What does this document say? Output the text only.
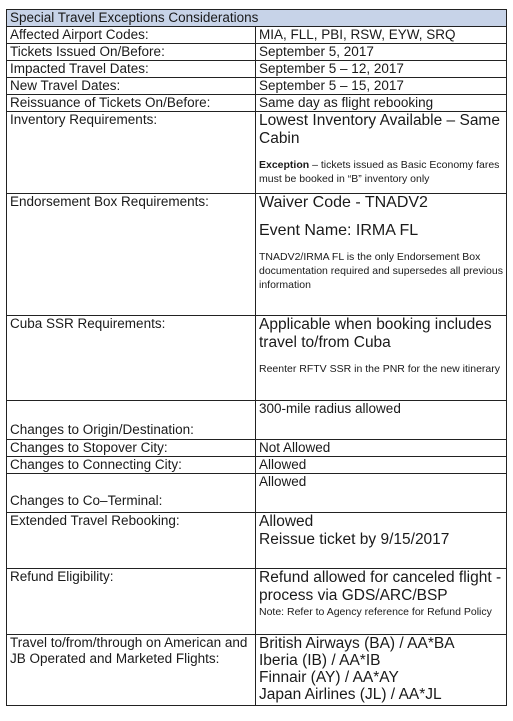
Special Travel Exceptions Considerations	
Affected Airport Codes:	MIA, FLL, PBI, RSW, EYW, SRQ
Tickets Issued On/Before:	September 5, 2017
Impacted Travel Dates:	September 5 – 12, 2017
New Travel Dates:	September 5 – 15, 2017
Reissuance of Tickets On/Before:	Same day as flight rebooking
Inventory Requirements:	Lowest Inventory Available – Same Cabin
Exception – tickets issued as Basic Economy fares must be booked in “B” inventory only

Endorsement Box Requirements:	Waiver Code - TNADV2
Event Name: IRMA FL
TNADV2/IRMA FL is the only Endorsement Box documentation required and supersedes all previous information

Cuba SSR Requirements:	Applicable when booking includes travel to/from Cuba
Reenter RFTV SSR in the PNR for the new itinerary

Changes to Origin/Destination:	300-mile radius allowed
Changes to Stopover City:	Not Allowed
Changes to Connecting City:	Allowed
Changes to Co–Terminal:	Allowed
Extended Travel Rebooking:	Allowed
Reissue ticket by 9/15/2017

Refund Eligibility:	Refund allowed for canceled flight - process via GDS/ARC/BSP
Note: Refer to Agency reference for Refund Policy

Travel to/from/through on American and JB Operated and Marketed Flights:	British Airways (BA) / AA*BA
Iberia (IB) / AA*IB
Finnair (AY) / AA*AY
Japan Airlines (JL) / AA*JL
